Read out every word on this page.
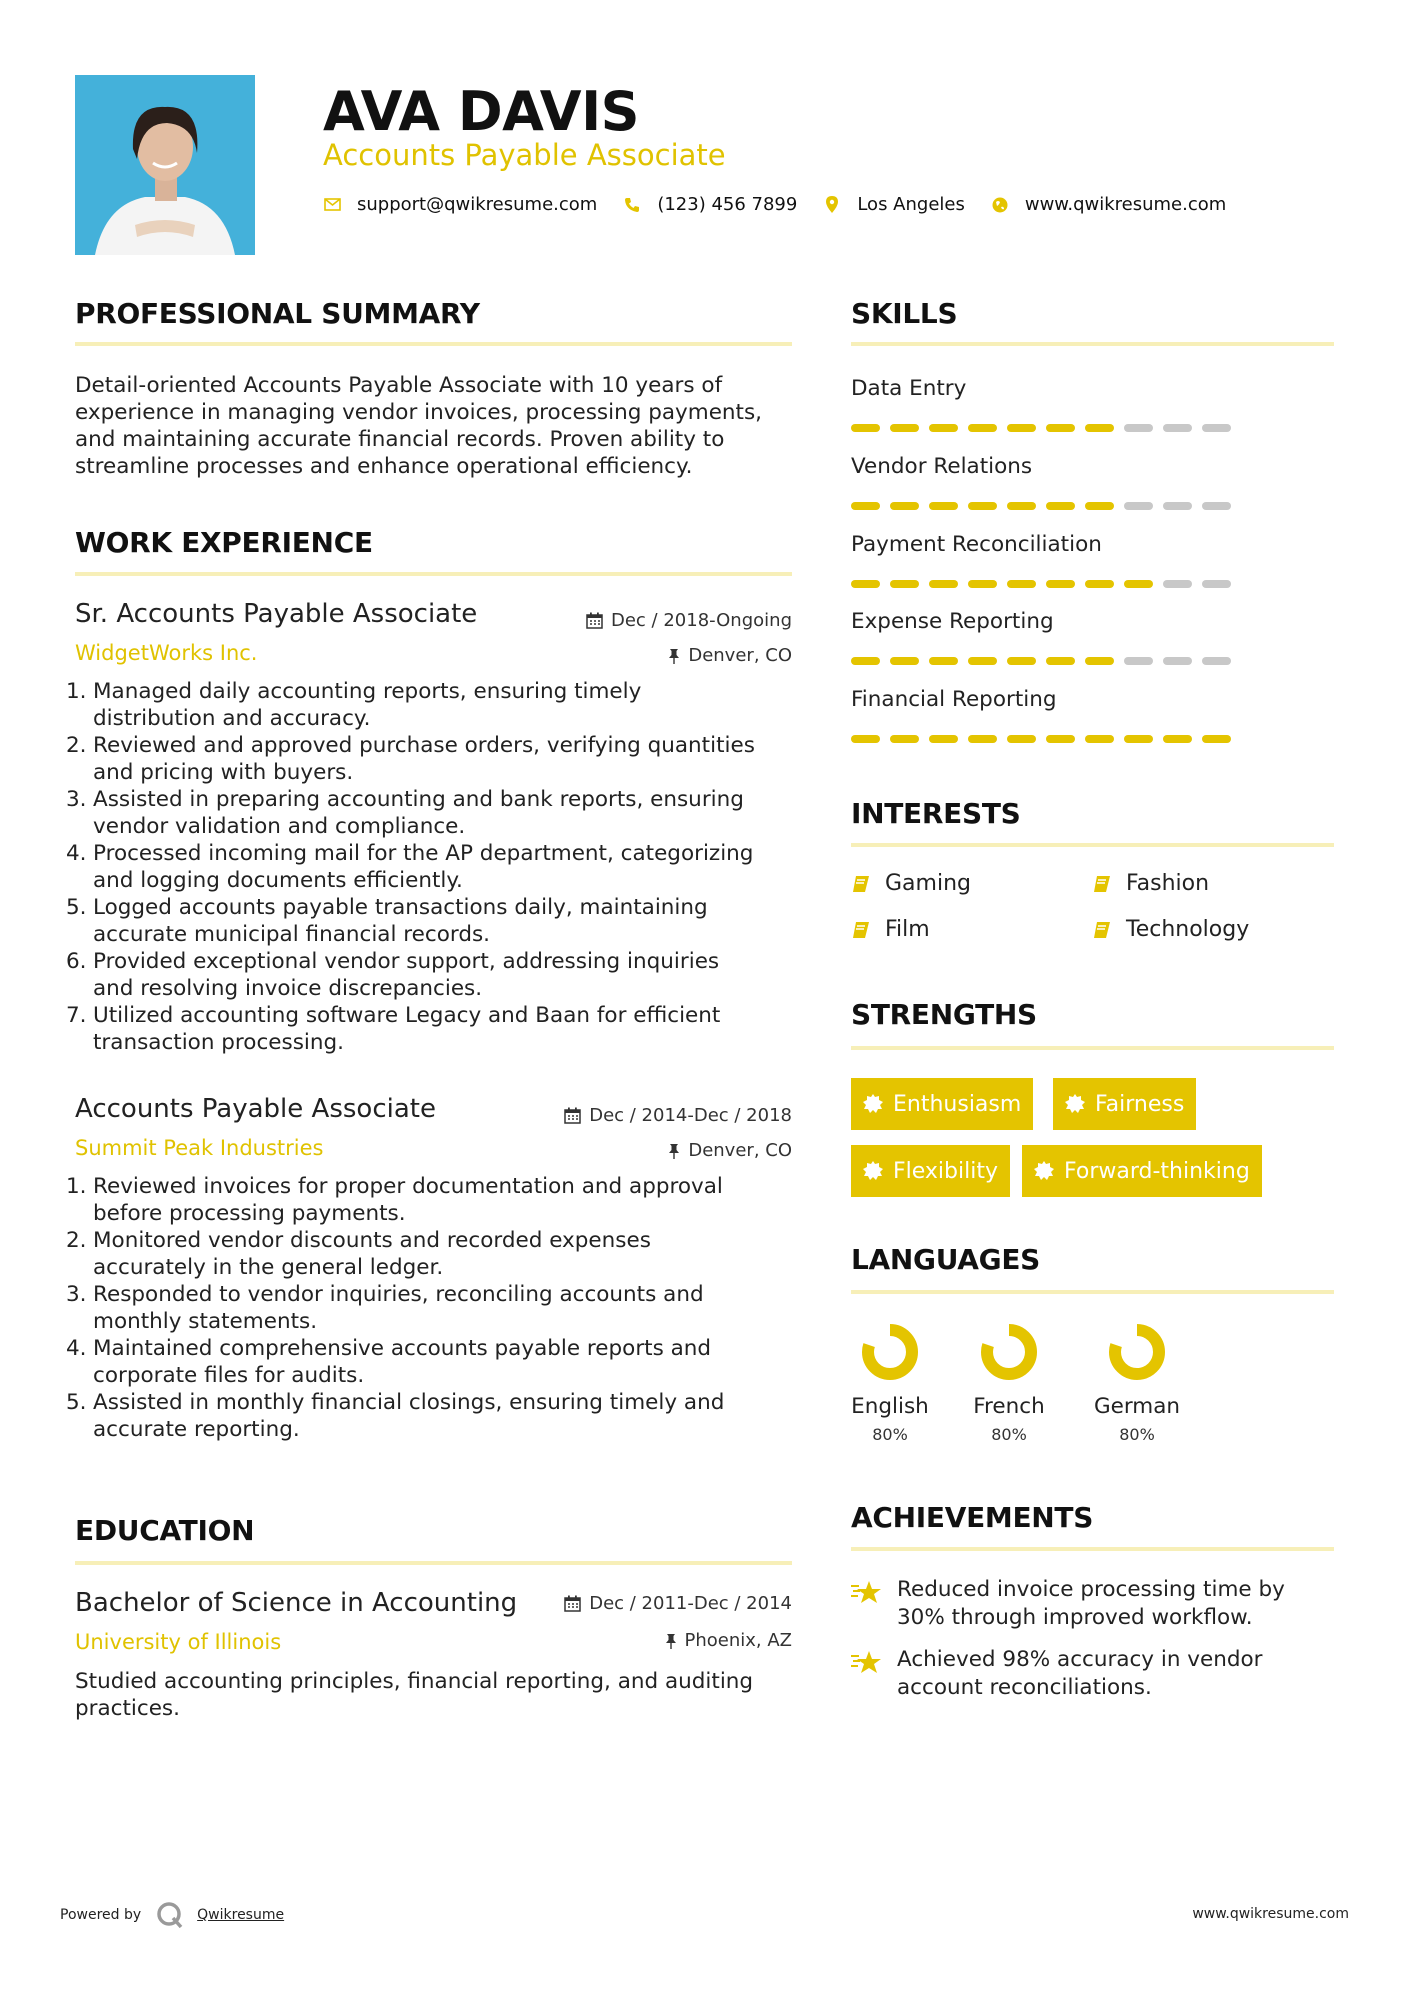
AVA DAVIS
Accounts Payable Associate
support@qwikresume.com	(123) 456 7899	Los Angeles	www.qwikresume.com
PROFESSIONAL SUMMARY
Detail-oriented Accounts Payable Associate with 10 years of
experience in managing vendor invoices, processing payments,
and maintaining accurate financial records. Proven ability to
streamline processes and enhance operational efficiency.
WORK EXPERIENCE
Sr. Accounts Payable Associate
WidgetWorks Inc.
Dec / 2018-Ongoing
Denver, CO
1. Managed daily accounting reports, ensuring timely
distribution and accuracy.
2. Reviewed and approved purchase orders, verifying quantities
and pricing with buyers.
3. Assisted in preparing accounting and bank reports, ensuring
vendor validation and compliance.
4. Processed incoming mail for the AP department, categorizing
and logging documents efficiently.
5. Logged accounts payable transactions daily, maintaining
accurate municipal financial records.
6. Provided exceptional vendor support, addressing inquiries
and resolving invoice discrepancies.
7. Utilized accounting software Legacy and Baan for efficient
transaction processing.
Accounts Payable Associate
Summit Peak Industries
Dec / 2014-Dec / 2018
Denver, CO
1. Reviewed invoices for proper documentation and approval
before processing payments.
2. Monitored vendor discounts and recorded expenses
accurately in the general ledger.
3. Responded to vendor inquiries, reconciling accounts and
monthly statements.
4. Maintained comprehensive accounts payable reports and
corporate files for audits.
5. Assisted in monthly financial closings, ensuring timely and
accurate reporting.
EDUCATION
Bachelor of Science in Accounting
University of Illinois
Dec / 2011-Dec / 2014
Phoenix, AZ
Studied accounting principles, financial reporting, and auditing
practices.
SKILLS
Data Entry
Vendor Relations
Payment Reconciliation
Expense Reporting
Financial Reporting
INTERESTS
Gaming	Fashion
Film	Technology
STRENGTHS
Enthusiasm	Fairness
Flexibility	Forward-thinking
LANGUAGES
English
80%
French
80%
German
80%
ACHIEVEMENTS
Reduced invoice processing time by
30% through improved workflow.
Achieved 98% accuracy in vendor
account reconciliations.
Powered by	Qwikresume	www.qwikresume.com
